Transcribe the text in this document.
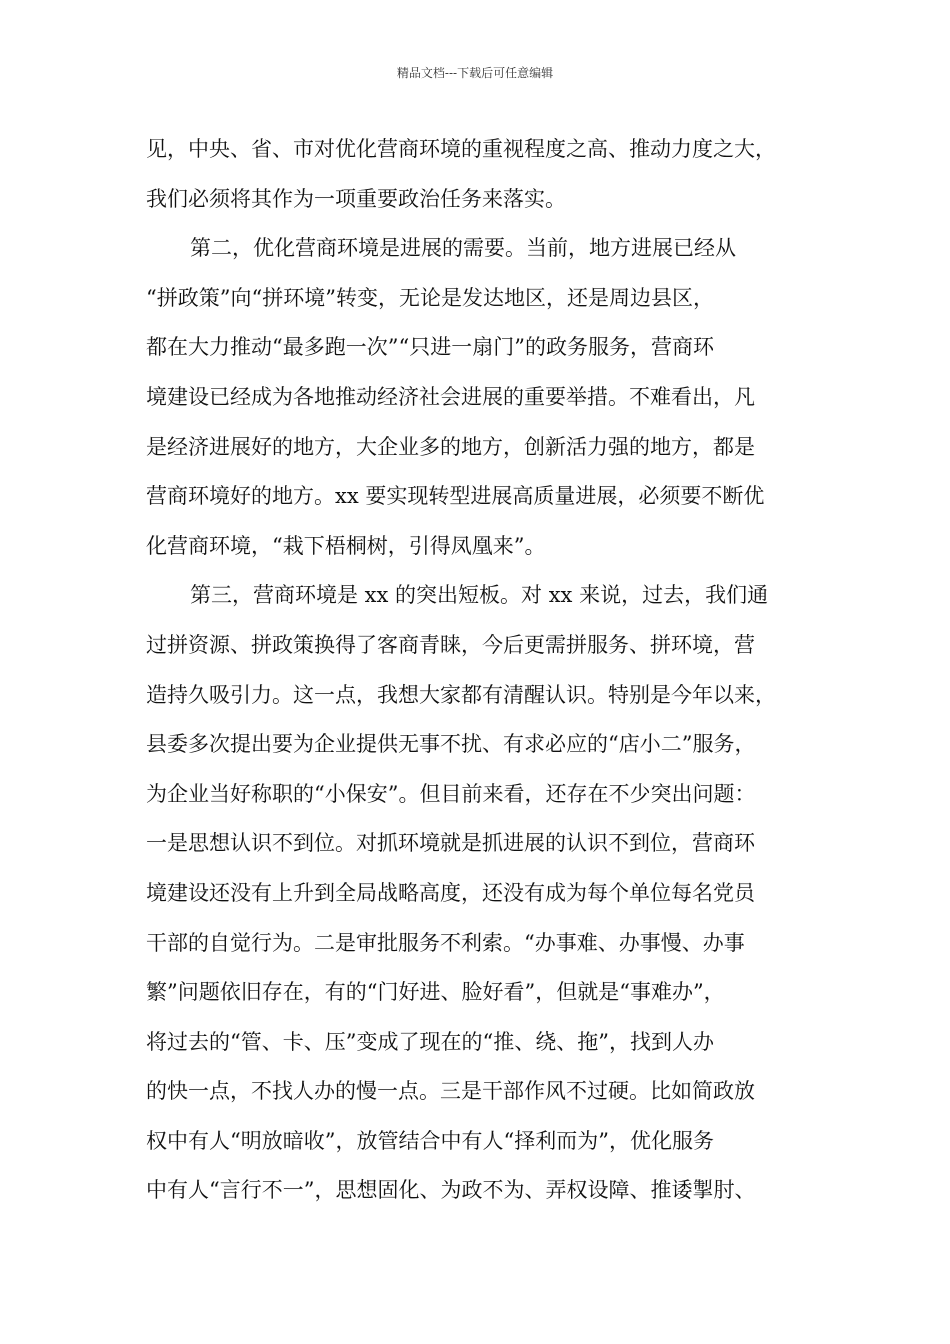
精品文档---下载后可任意编辑
见，中央、省、市对优化营商环境的重视程度之高、推动力度之大，
我们必须将其作为一项重要政治任务来落实。
第二，优化营商环境是进展的需要。当前，地方进展已经从
“拼政策”向“拼环境”转变，无论是发达地区，还是周边县区，
都在大力推动“最多跑一次”“只进一扇门”的政务服务，营商环
境建设已经成为各地推动经济社会进展的重要举措。不难看出，凡
是经济进展好的地方，大企业多的地方，创新活力强的地方，都是
营商环境好的地方。xx 要实现转型进展高质量进展，必须要不断优
化营商环境，“栽下梧桐树，引得凤凰来”。
第三，营商环境是 xx 的突出短板。对 xx 来说，过去，我们通
过拼资源、拼政策换得了客商青睐，今后更需拼服务、拼环境，营
造持久吸引力。这一点，我想大家都有清醒认识。特别是今年以来，
县委多次提出要为企业提供无事不扰、有求必应的“店小二”服务，
为企业当好称职的“小保安”。但目前来看，还存在不少突出问题：
一是思想认识不到位。对抓环境就是抓进展的认识不到位，营商环
境建设还没有上升到全局战略高度，还没有成为每个单位每名党员
干部的自觉行为。二是审批服务不利索。“办事难、办事慢、办事
繁”问题依旧存在，有的“门好进、脸好看”，但就是“事难办”，
将过去的“管、卡、压”变成了现在的“推、绕、拖”，找到人办
的快一点，不找人办的慢一点。三是干部作风不过硬。比如简政放
权中有人“明放暗收”，放管结合中有人“择利而为”，优化服务
中有人“言行不一”，思想固化、为政不为、弄权设障、推诿掣肘、
